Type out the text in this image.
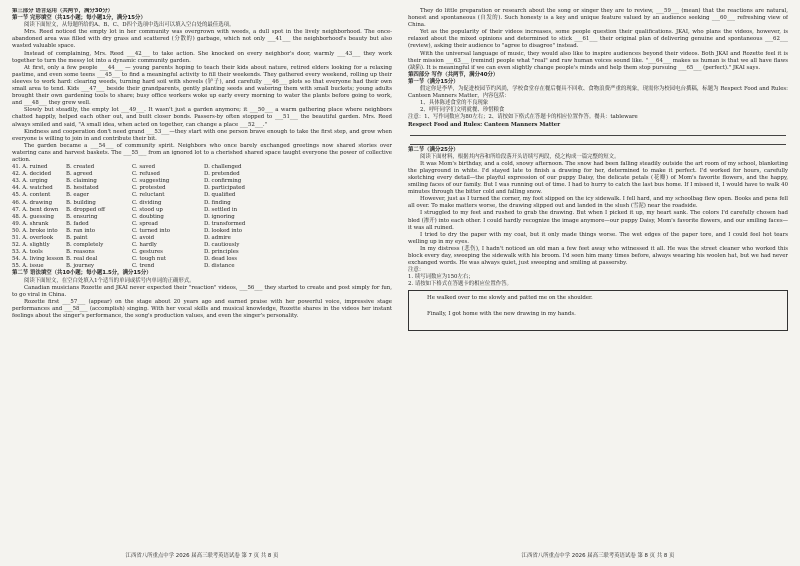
第三部分 语言运用（共两节，满分30分）

第一节 完形填空（共15小题；每小题1分，满分15分）

阅读下面短文，从每题所给的A、B、C、D四个选项中选出可以填入空白处的最佳选项。

Mrs. Reed noticed the empty lot in her community was overgrown with weeds, a dull spot in the lively neighborhood. The once-abandoned area was filled with dry grass and scattered (分散的) garbage, which not only ___41___ the neighborhood's beauty but also wasted valuable space.

Instead of complaining, Mrs. Reed ___42___ to take action. She knocked on every neighbor's door, warmly ___43___ they work together to turn the messy lot into a dynamic community garden.

At first, only a few people ___44___ — young parents hoping to teach their kids about nature, retired elders looking for a relaxing pastime, and even some teens ___45___ to find a meaningful activity to fill their weekends. They gathered every weekend, rolling up their sleeves to work hard: clearing weeds, turning hard soil with shovels (铲子), and carefully ___46___ plots so that everyone had their own small area to tend. Kids ___47___ beside their grandparents, gently planting seeds and watering them with small buckets; young adults brought their own gardening tools to share; busy office workers woke up early every morning to water the plants before going to work, and ___48___ they grew well.

Slowly but steadily, the empty lot ___49___. It wasn't just a garden anymore; it ___50___ a warm gathering place where neighbors chatted happily, helped each other out, and built closer bonds. Passers-by often stopped to ___51___ the beautiful garden. Mrs. Reed always smiled and said, "A small idea, when acted on together, can change a place ___52___."

Kindness and cooperation don't need grand ___53___—they start with one person brave enough to take the first step, and grow when everyone is willing to join in and contribute their bit.

The garden became a ___54___ of community spirit. Neighbors who once barely exchanged greetings now shared stories over watering cans and harvest baskets. The ___55___ from an ignored lot to a cherished shared space taught everyone the power of collective action.

41. A. ruined	B. created	C. saved	D. challenged
42. A. decided	B. agreed	C. refused	D. pretended
43. A. urging	B. claiming	C. suggesting	D. confirming
44. A. watched	B. hesitated	C. protested	D. participated
45. A. content	B. eager	C. reluctant	D. qualified
46. A. drawing	B. building	C. dividing	D. finding
47. A. bent down	B. dropped off	C. stood up	D. settled in
48. A. guessing	B. ensuring	C. doubting	D. ignoring
49. A. shrank	B. faded	C. spread	D. transformed
50. A. broke into	B. ran into	C. turned into	D. looked into
51. A. overlook	B. paint	C. avoid	D. admire
52. A. slightly	B. completely	C. hardly	D. cautiously
53. A. tools	B. reasons	C. gestures	D. principles
54. A. living lesson B. real deal	C. tough nut	D. dead loss
55. A. issue	B. journey	C. trend	D. distance

第二节 语法填空（共10小题；每小题1.5分，满分15分）

阅读下面短文，在空白处填入1个适当的单词或括号内单词的正确形式。

Canadian musicians Rozette and JKAI never expected their "reaction" videos, ___56___ they started to create and post simply for fun, to go viral in China.

Rozette first ___57___ (appear) on the stage about 20 years ago and earned praise with her powerful voice, impressive stage performances and ___58___ (accomplish) singing. With her vocal skills and musical knowledge, Rozette shares in the videos her instant feelings about the singer's performance, the song's production values, and even the singer's personality.

They do little preparation or research about the song or singer they are to review, ___59___ (mean) that the reactions are natural, honest and spontaneous (自发的). Such honesty is a key and unique feature valued by an audience seeking ___60___ refreshing view of China.

Yet as the popularity of their videos increases, some people question their qualifications. JKAI, who plans the videos, however, is relaxed about the mixed opinions and determined to stick ___61___ their original plan of delivering genuine and spontaneous ___62___ (review), asking their audience to "agree to disagree" instead.

With the universal language of music, they would also like to inspire audiences beyond their videos. Both JKAI and Rozette feel it is their mission ___63___ (remind) people what "real" and raw human voices sound like. "___64___ makes us human is that we all have flaws (缺陷). It is meaningful if we can even slightly change people's minds and help them stop pursuing ___65___ (perfect)." JKAI says.

第四部分 写作（共两节，满分40分）

第一节（满分15分）

假定你是李华，为促进校园节约风尚，学校食堂存在餐后餐具不回收、食物浪费严重的现象，现需你为校园电台撰稿，标题为 Respect Food and Rules: Canteen Manners Matter，内容包括：

1、具体陈述食堂的不良现象

2、呼吁同学们文明就餐、珍惜粮食

注意：1、写作词数应为80左右；2、请按如下格式在答题卡的相应位置作答。餐具：tableware

Respect Food and Rules: Canteen Manners Matter

第二节（满分25分）

阅读下面材料，根据其内容和所给段落开头语续写两段，使之构成一篇完整的短文。

It was Mom's birthday, and a cold, snowy afternoon. The snow had been falling steadily outside the art room of my school, blanketing the playground in white. I'd stayed late to finish a drawing for her, determined to make it perfect. I'd worked for hours, carefully sketching every detail—the playful expression of our puppy Daisy, the delicate petals (花瓣) of Mom's favorite flowers, and the happy, smiling faces of our family. But I was running out of time. I had to hurry to catch the last bus home. If I missed it, I would have to walk 40 minutes through the bitter cold and falling snow.

However, just as I turned the corner, my foot slipped on the icy sidewalk. I fell hard, and my schoolbag flew open. Books and pens fell all over. To make matters worse, the drawing slipped out and landed in the slush (雪泥) near the roadside.

I struggled to my feet and rushed to grab the drawing. But when I picked it up, my heart sank. The colors I'd carefully chosen had bled (渗开) into each other. I could hardly recognize the image anymore—our puppy Daisy, Mom's favorite flowers, and our smiling faces—it was all ruined.

I tried to dry the paper with my coat, but it only made things worse. The wet edges of the paper tore, and I could feel hot tears welling up in my eyes.

In my distress (悲伤), I hadn't noticed an old man a few feet away who witnessed it all. He was the street cleaner who worked this block every day, sweeping the sidewalk with his broom. I'd seen him many times before, always wearing his woolen hat, but we had never exchanged words. He was always quiet, just sweeping and smiling at passersby.

注意：

1. 续写词数应为150左右；

2. 请按如下格式在答题卡的相应位置作答。

He walked over to me slowly and patted me on the shoulder.

Finally, I got home with the new drawing in my hands.

江西省八所重点中学 2026 届高三联考英语试卷 第 7 页 共 8 页	江西省八所重点中学 2026 届高三联考英语试卷 第 8 页 共 8 页
